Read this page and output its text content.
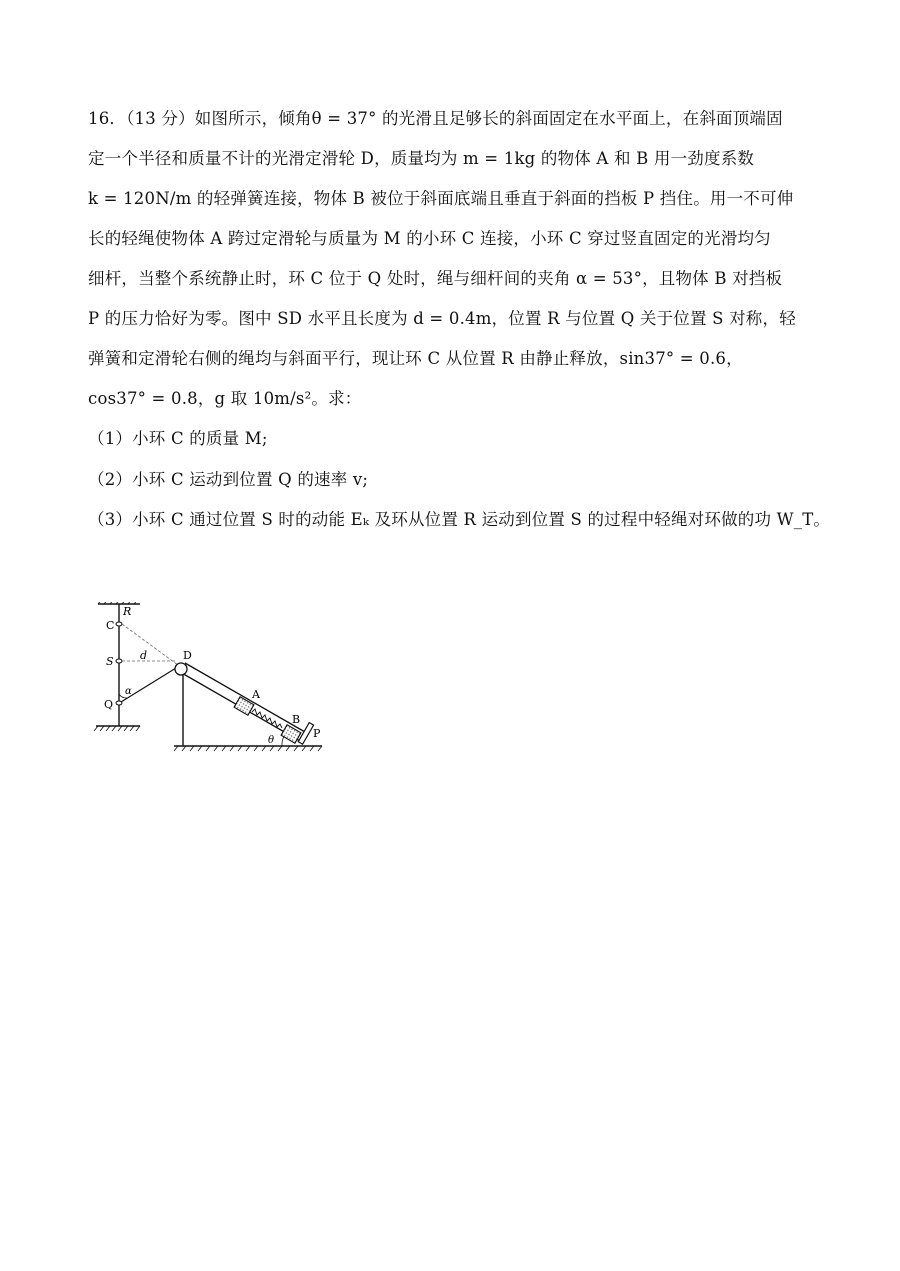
16．（13 分）如图所示，倾角θ = 37° 的光滑且足够长的斜面固定在水平面上，在斜面顶端固
定一个半径和质量不计的光滑定滑轮 D，质量均为 m = 1kg 的物体 A 和 B 用一劲度系数
k = 120N/m 的轻弹簧连接，物体 B 被位于斜面底端且垂直于斜面的挡板 P 挡住。用一不可伸
长的轻绳使物体 A 跨过定滑轮与质量为 M 的小环 C 连接，小环 C 穿过竖直固定的光滑均匀
细杆，当整个系统静止时，环 C 位于 Q 处时，绳与细杆间的夹角 α = 53°，且物体 B 对挡板
P 的压力恰好为零。图中 SD 水平且长度为 d = 0.4m，位置 R 与位置 Q 关于位置 S 对称，轻
弹簧和定滑轮右侧的绳均与斜面平行，现让环 C 从位置 R 由静止释放，sin37° = 0.6，
cos37° = 0.8，g 取 10m/s²。求：
（1）小环 C 的质量 M;
（2）小环 C 运动到位置 Q 的速率 v;
（3）小环 C 通过位置 S 时的动能 Eₖ 及环从位置 R 运动到位置 S 的过程中轻绳对环做的功 W_T。
R
C
S d	D
α
Q
A
B
P
θ
